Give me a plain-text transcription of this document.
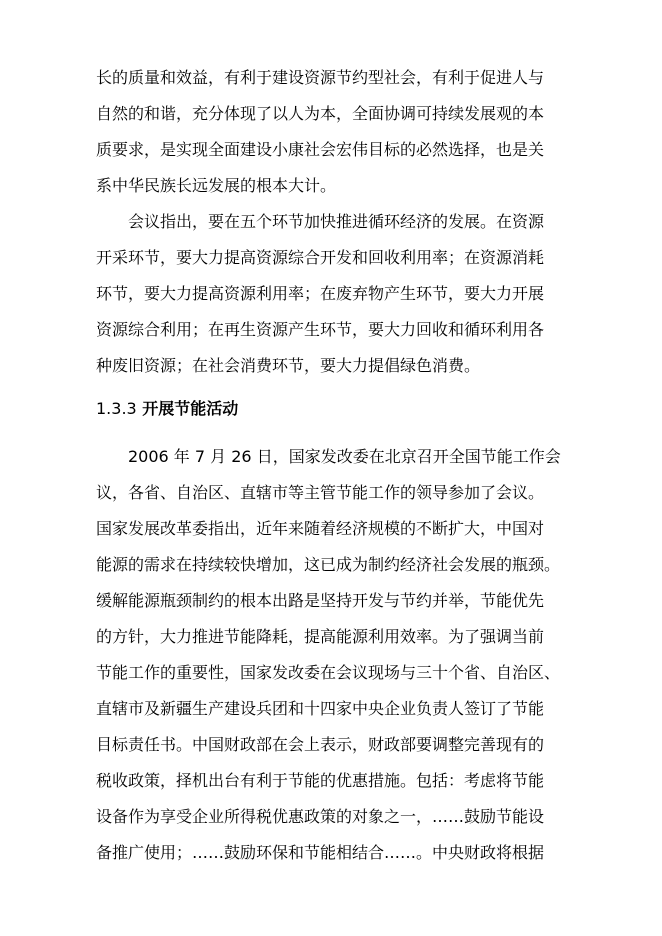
长的质量和效益，有利于建设资源节约型社会，有利于促进人与
自然的和谐，充分体现了以人为本，全面协调可持续发展观的本
质要求，是实现全面建设小康社会宏伟目标的必然选择，也是关
系中华民族长远发展的根本大计。
会议指出，要在五个环节加快推进循环经济的发展。在资源
开采环节，要大力提高资源综合开发和回收利用率；在资源消耗
环节，要大力提高资源利用率；在废弃物产生环节，要大力开展
资源综合利用；在再生资源产生环节，要大力回收和循环利用各
种废旧资源；在社会消费环节，要大力提倡绿色消费。
1.3.3 开展节能活动
2006 年 7 月 26 日，国家发改委在北京召开全国节能工作会
议，各省、自治区、直辖市等主管节能工作的领导参加了会议。
国家发展改革委指出，近年来随着经济规模的不断扩大，中国对
能源的需求在持续较快增加，这已成为制约经济社会发展的瓶颈。
缓解能源瓶颈制约的根本出路是坚持开发与节约并举，节能优先
的方针，大力推进节能降耗，提高能源利用效率。为了强调当前
节能工作的重要性，国家发改委在会议现场与三十个省、自治区、
直辖市及新疆生产建设兵团和十四家中央企业负责人签订了节能
目标责任书。中国财政部在会上表示，财政部要调整完善现有的
税收政策，择机出台有利于节能的优惠措施。包括：考虑将节能
设备作为享受企业所得税优惠政策的对象之一，……鼓励节能设
备推广使用；……鼓励环保和节能相结合……。中央财政将根据
